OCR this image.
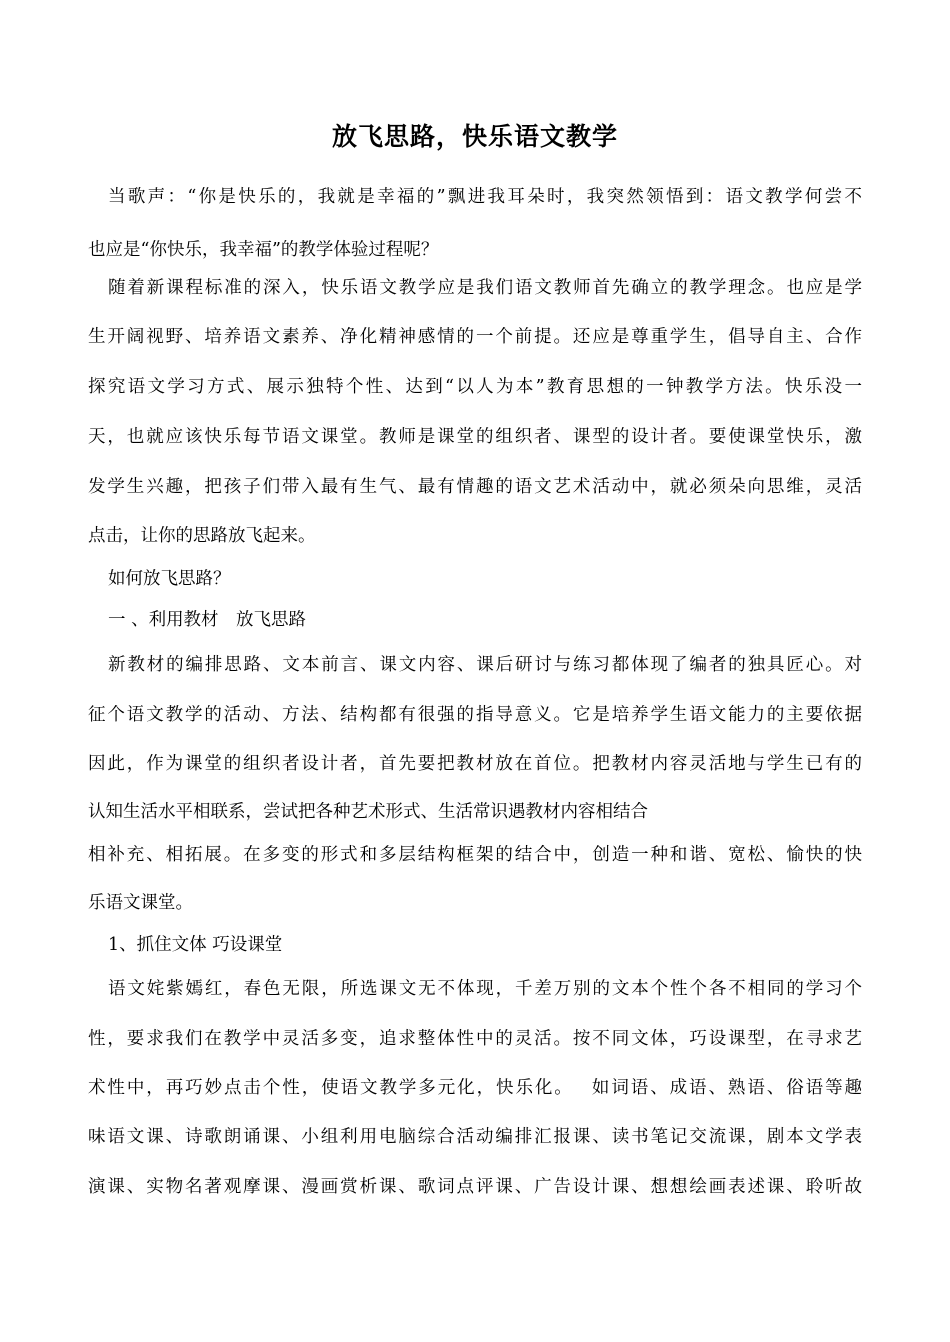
放飞思路，快乐语文教学
当歌声：“你是快乐的，我就是幸福的”飘进我耳朵时，我突然领悟到：语文教学何尝不
也应是“你快乐，我幸福”的教学体验过程呢？
随着新课程标准的深入，快乐语文教学应是我们语文教师首先确立的教学理念。也应是学
生开阔视野、培养语文素养、净化精神感情的一个前提。还应是尊重学生，倡导自主、合作
探究语文学习方式、展示独特个性、达到“以人为本”教育思想的一钟教学方法。快乐没一
天，也就应该快乐每节语文课堂。教师是课堂的组织者、课型的设计者。要使课堂快乐，激
发学生兴趣，把孩子们带入最有生气、最有情趣的语文艺术活动中，就必须朵向思维，灵活
点击，让你的思路放飞起来。
如何放飞思路？
一 、利用教材　放飞思路
新教材的编排思路、文本前言、课文内容、课后研讨与练习都体现了编者的独具匠心。对
征个语文教学的活动、方法、结构都有很强的指导意义。它是培养学生语文能力的主要依据
因此，作为课堂的组织者设计者，首先要把教材放在首位。把教材内容灵活地与学生已有的
认知生活水平相联系，尝试把各种艺术形式、生活常识遇教材内容相结合
相补充、相拓展。在多变的形式和多层结构框架的结合中，创造一种和谐、宽松、愉快的快
乐语文课堂。
1、抓住文体 巧设课堂
语文姹紫嫣红，春色无限，所选课文无不体现，千差万别的文本个性个各不相同的学习个
性，要求我们在教学中灵活多变，追求整体性中的灵活。按不同文体，巧设课型，在寻求艺
术性中，再巧妙点击个性，使语文教学多元化，快乐化。　 如词语、成语、熟语、俗语等趣
味语文课、诗歌朗诵课、小组利用电脑综合活动编排汇报课、读书笔记交流课，剧本文学表
演课、实物名著观摩课、漫画赏析课、歌词点评课、广告设计课、想想绘画表述课、聆听故
